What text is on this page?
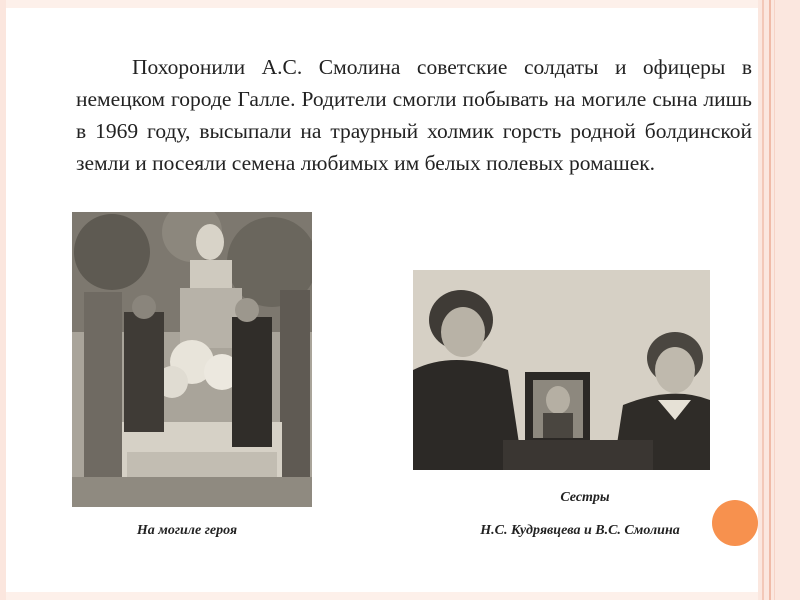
Похоронили А.С. Смолина советские солдаты и офицеры в немецком городе Галле. Родители смогли побывать на могиле сына лишь в 1969 году, высыпали на траурный холмик горсть родной болдинской земли и посеяли семена любимых им белых полевых ромашек.

Сестры
На могиле героя	Н.С. Кудрявцева и В.С. Смолина
